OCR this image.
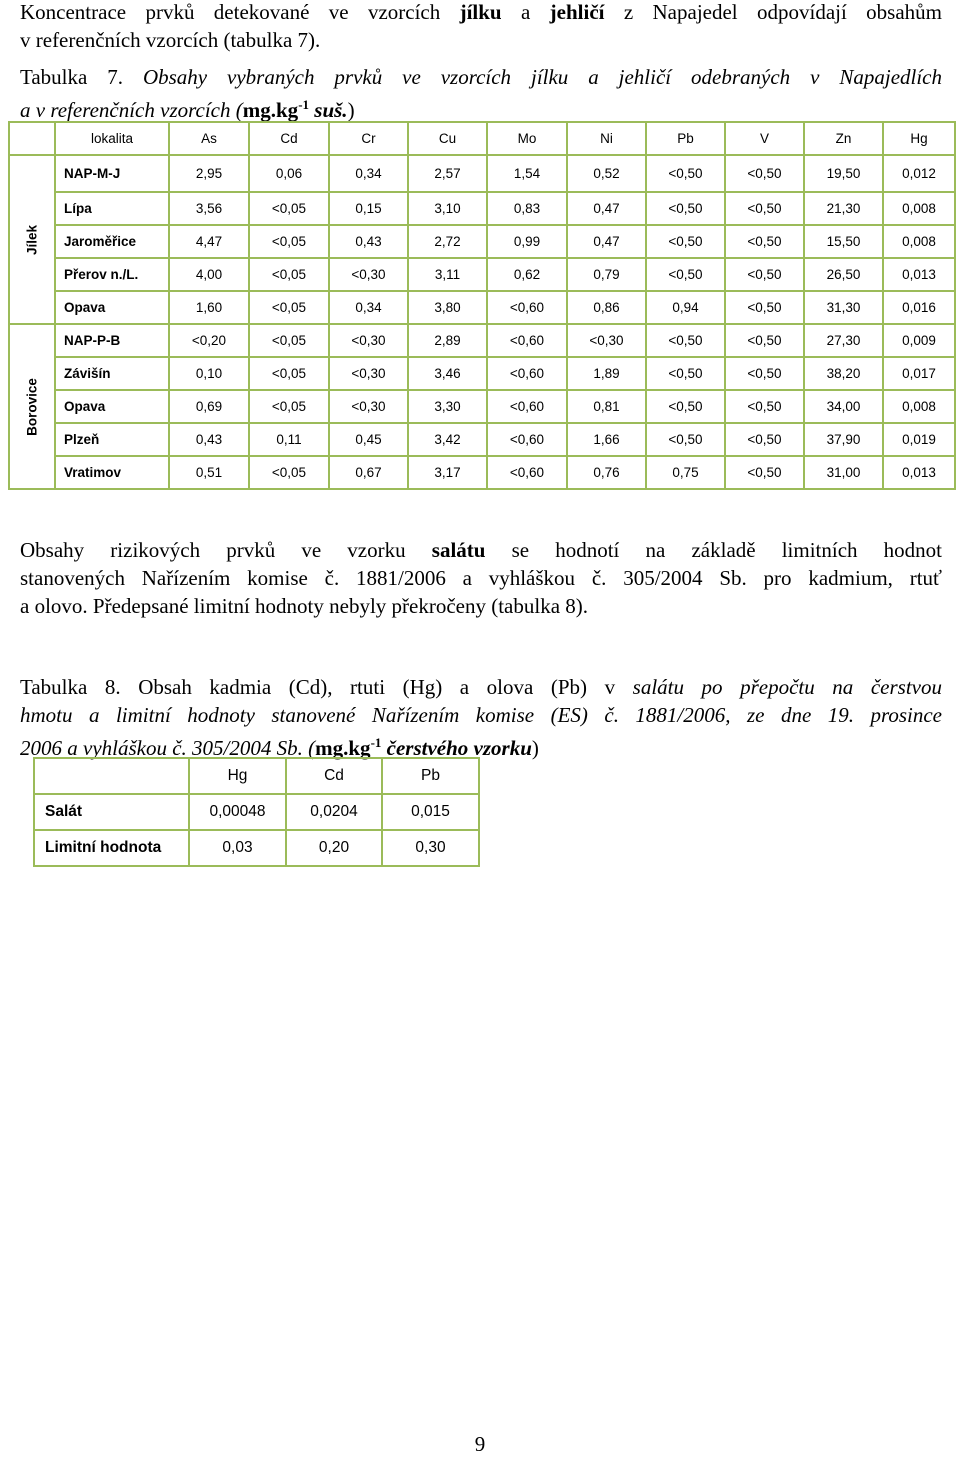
Koncentrace prvků detekované ve vzorcích jílku a jehličí z Napajedel odpovídají obsahům
v referenčních vzorcích (tabulka 7).
Tabulka 7. Obsahy vybraných prvků ve vzorcích jílku a jehličí odebraných v Napajedlích
a v referenčních vzorcích ($mg.kg^{-1}$ suš.)
	lokalita	As	Cd	Cr	Cu	Mo	Ni	Pb	V	Zn	Hg

Jílek	NAP-M-J	2,95	0,06	0,34	2,57	1,54	0,52	<0,50	<0,50	19,50	0,012
	Lípa	3,56	<0,05	0,15	3,10	0,83	0,47	<0,50	<0,50	21,30	0,008
	Jaroměřice	4,47	<0,05	0,43	2,72	0,99	0,47	<0,50	<0,50	15,50	0,008
	Přerov n./L.	4,00	<0,05	<0,30	3,11	0,62	0,79	<0,50	<0,50	26,50	0,013
	Opava	1,60	<0,05	0,34	3,80	<0,60	0,86	0,94	<0,50	31,30	0,016

Borovice	NAP-P-B	<0,20	<0,05	<0,30	2,89	<0,60	<0,30	<0,50	<0,50	27,30	0,009
	Závišín	0,10	<0,05	<0,30	3,46	<0,60	1,89	<0,50	<0,50	38,20	0,017
	Opava	0,69	<0,05	<0,30	3,30	<0,60	0,81	<0,50	<0,50	34,00	0,008
	Plzeň	0,43	0,11	0,45	3,42	<0,60	1,66	<0,50	<0,50	37,90	0,019
	Vratimov	0,51	<0,05	0,67	3,17	<0,60	0,76	0,75	<0,50	31,00	0,013
Obsahy rizikových prvků ve vzorku salátu se hodnotí na základě limitních hodnot
stanovených Nařízením komise č. 1881/2006 a vyhláškou č. 305/2004 Sb. pro kadmium, rtuť
a olovo. Předepsané limitní hodnoty nebyly překročeny (tabulka 8).
Tabulka 8. Obsah kadmia (Cd), rtuti (Hg) a olova (Pb) v salátu po přepočtu na čerstvou
hmotu a limitní hodnoty stanovené Nařízením komise (ES) č. 1881/2006, ze dne 19. prosince
2006 a vyhláškou č. 305/2004 Sb. ($mg.kg^{-1}$ čerstvého vzorku)
	Hg	Cd	Pb
Salát	0,00048	0,0204	0,015
Limitní hodnota	0,03	0,20	0,30
9
